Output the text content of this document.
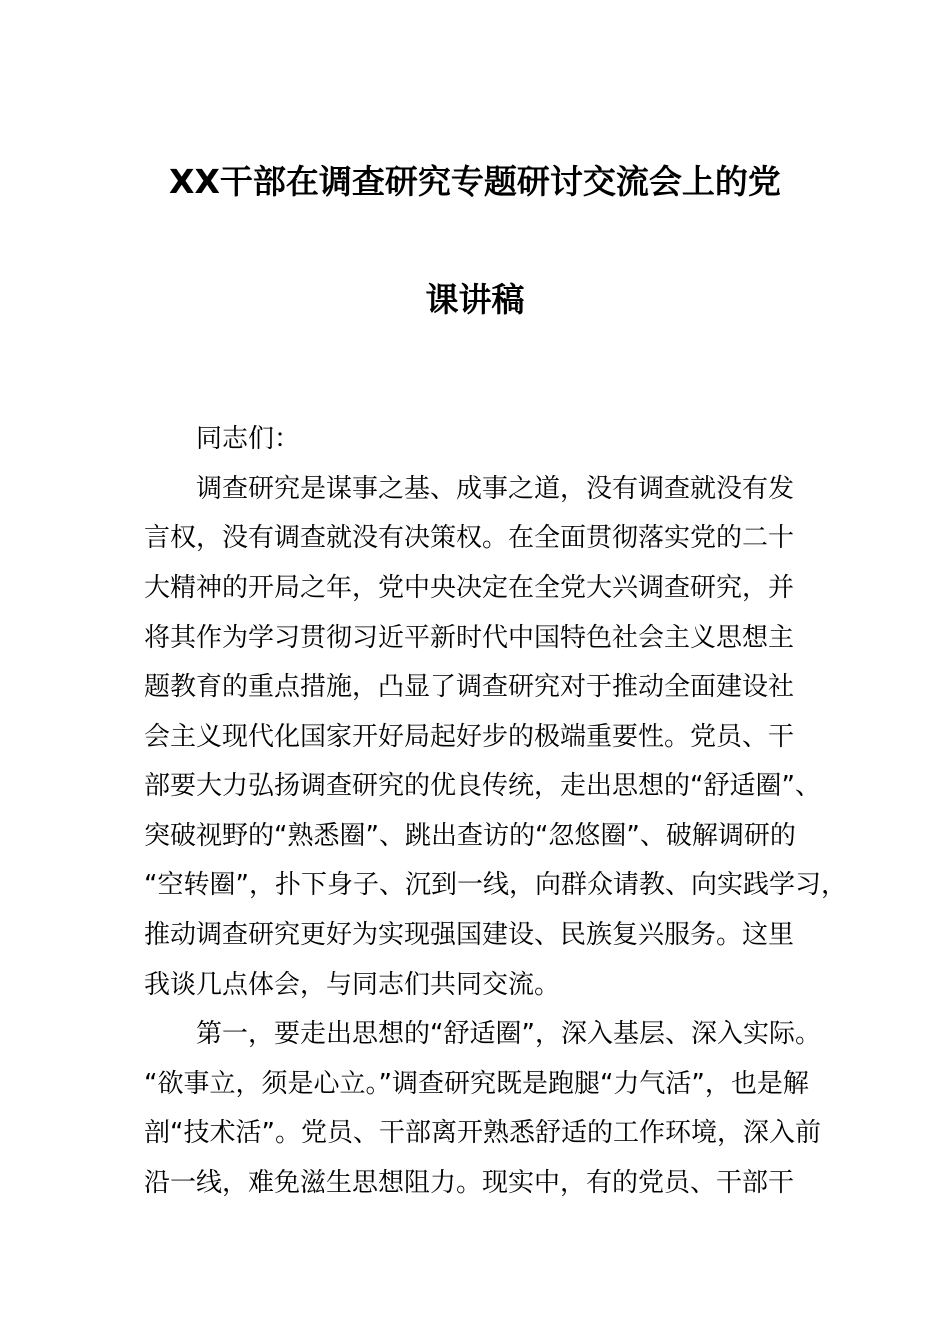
XX干部在调查研究专题研讨交流会上的党
课讲稿
同志们：
调查研究是谋事之基、成事之道，没有调查就没有发
言权，没有调查就没有决策权。在全面贯彻落实党的二十
大精神的开局之年，党中央决定在全党大兴调查研究，并
将其作为学习贯彻习近平新时代中国特色社会主义思想主
题教育的重点措施，凸显了调查研究对于推动全面建设社
会主义现代化国家开好局起好步的极端重要性。党员、干
部要大力弘扬调查研究的优良传统，走出思想的“舒适圈”、
突破视野的“熟悉圈”、跳出查访的“忽悠圈”、破解调研的
“空转圈”，扑下身子、沉到一线，向群众请教、向实践学习，
推动调查研究更好为实现强国建设、民族复兴服务。这里
我谈几点体会，与同志们共同交流。
第一，要走出思想的“舒适圈”，深入基层、深入实际。
“欲事立，须是心立。”调查研究既是跑腿“力气活”，也是解
剖“技术活”。党员、干部离开熟悉舒适的工作环境，深入前
沿一线，难免滋生思想阻力。现实中，有的党员、干部干
